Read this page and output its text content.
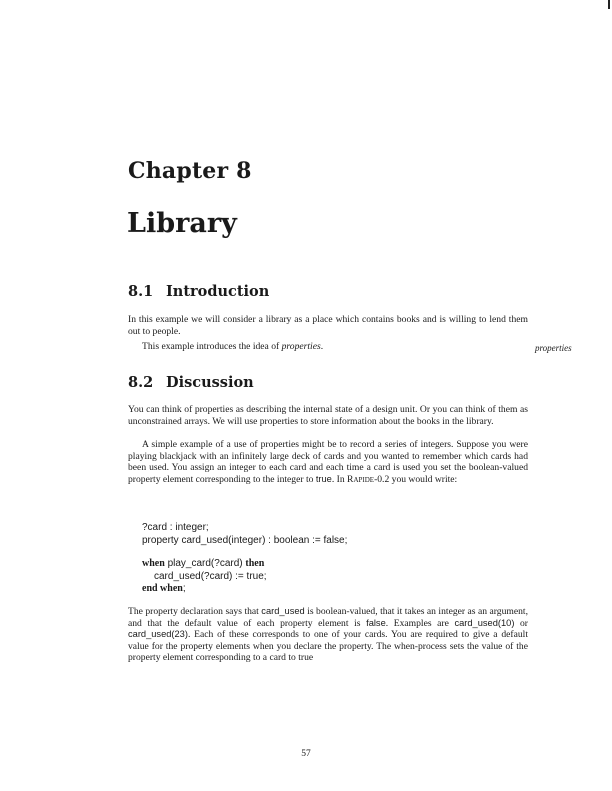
Chapter 8
Library
8.1 Introduction

In this example we will consider a library as a place which contains books and is willing to lend them out to people.

This example introduces the idea of properties.	properties
8.2 Discussion

You can think of properties as describing the internal state of a design unit. Or you can think of them as unconstrained arrays. We will use properties to store information about the books in the library.

A simple example of a use of properties might be to record a series of integers. Suppose you were playing blackjack with an infinitely large deck of cards and you wanted to remember which cards had been used. You assign an integer to each card and each time a card is used you set the boolean-valued property element corresponding to the integer to true. In Rapide-0.2 you would write:

?card : integer;
property card_used(integer) : boolean := false;
when play_card(?card) then
card_used(?card) := true;
end when;

The property declaration says that card_used is boolean-valued, that it takes an integer as an argument, and that the default value of each property element is false. Examples are card_used(10) or card_used(23). Each of these corresponds to one of your cards. You are required to give a default value for the property elements when you declare the property. The when-process sets the value of the property element corresponding to a card to true

57
